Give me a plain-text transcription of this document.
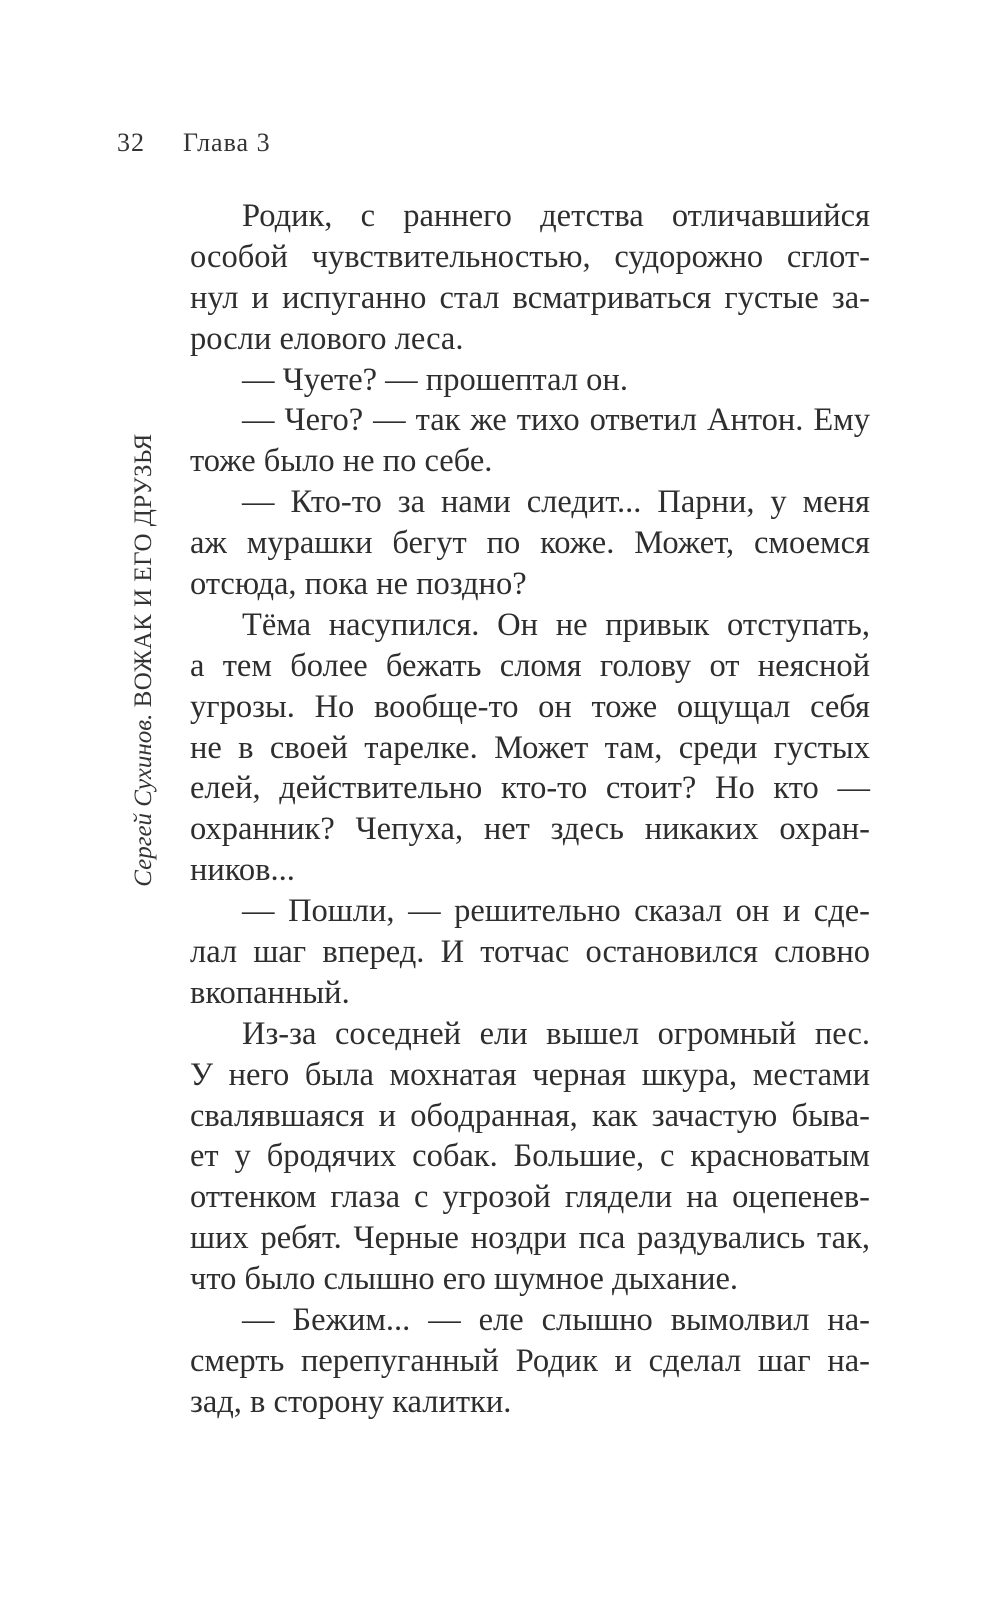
32 Глава 3
Сергей Сухинов. ВОЖАК И ЕГО ДРУЗЬЯ
Родик, с раннего детства отличавшийся
особой чувствительностью, судорожно сглот-
нул и испуганно стал всматриваться густые за-
росли елового леса.
— Чуете? — прошептал он.
— Чего? — так же тихо ответил Антон. Ему
тоже было не по себе.
— Кто-то за нами следит... Парни, у меня
аж мурашки бегут по коже. Может, смоемся
отсюда, пока не поздно?
Тёма насупился. Он не привык отступать,
а тем более бежать сломя голову от неясной
угрозы. Но вообще-то он тоже ощущал себя
не в своей тарелке. Может там, среди густых
елей, действительно кто-то стоит? Но кто —
охранник? Чепуха, нет здесь никаких охран-
ников...
— Пошли, — решительно сказал он и сде-
лал шаг вперед. И тотчас остановился словно
вкопанный.
Из-за соседней ели вышел огромный пес.
У него была мохнатая черная шкура, местами
свалявшаяся и ободранная, как зачастую быва-
ет у бродячих собак. Большие, с красноватым
оттенком глаза с угрозой глядели на оцепенев-
ших ребят. Черные ноздри пса раздувались так,
что было слышно его шумное дыхание.
— Бежим... — еле слышно вымолвил на-
смерть перепуганный Родик и сделал шаг на-
зад, в сторону калитки.
